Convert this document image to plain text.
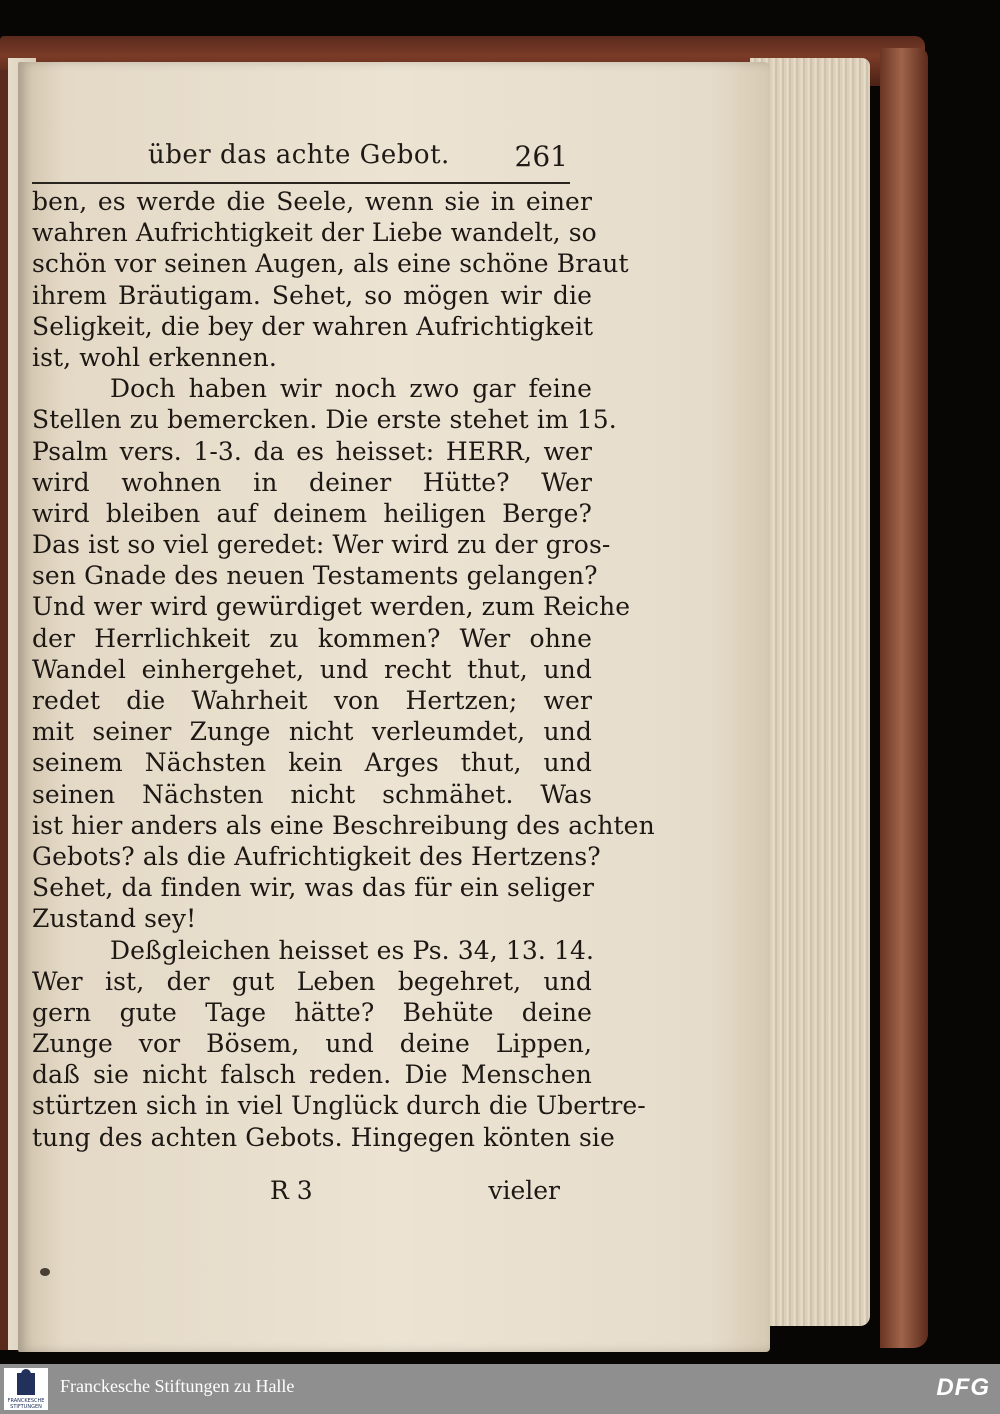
über das achte Gebot. 261
ben, es werde die Seele, wenn sie in einer
wahren Aufrichtigkeit der Liebe wandelt, so
schön vor seinen Augen, als eine schöne Braut
ihrem Bräutigam. Sehet, so mögen wir die
Seligkeit, die bey der wahren Aufrichtigkeit
ist, wohl erkennen.
Doch haben wir noch zwo gar feine
Stellen zu bemercken. Die erste stehet im 15.
Psalm vers. 1-3. da es heisset: HERR, wer
wird wohnen in deiner Hütte? Wer
wird bleiben auf deinem heiligen Berge?
Das ist so viel geredet: Wer wird zu der gros-
sen Gnade des neuen Testaments gelangen?
Und wer wird gewürdiget werden, zum Reiche
der Herrlichkeit zu kommen? Wer ohne
Wandel einhergehet, und recht thut, und
redet die Wahrheit von Hertzen; wer
mit seiner Zunge nicht verleumdet, und
seinem Nächsten kein Arges thut, und
seinen Nächsten nicht schmähet. Was
ist hier anders als eine Beschreibung des achten
Gebots? als die Aufrichtigkeit des Hertzens?
Sehet, da finden wir, was das für ein seliger
Zustand sey!
Deßgleichen heisset es Ps. 34, 13. 14.
Wer ist, der gut Leben begehret, und
gern gute Tage hätte? Behüte deine
Zunge vor Bösem, und deine Lippen,
daß sie nicht falsch reden. Die Menschen
stürtzen sich in viel Unglück durch die Ubertre-
tung des achten Gebots. Hingegen könten sie
R 3	vieler
FRANCKESCHE
STIFTUNGEN
Franckesche Stiftungen zu Halle	DFG
